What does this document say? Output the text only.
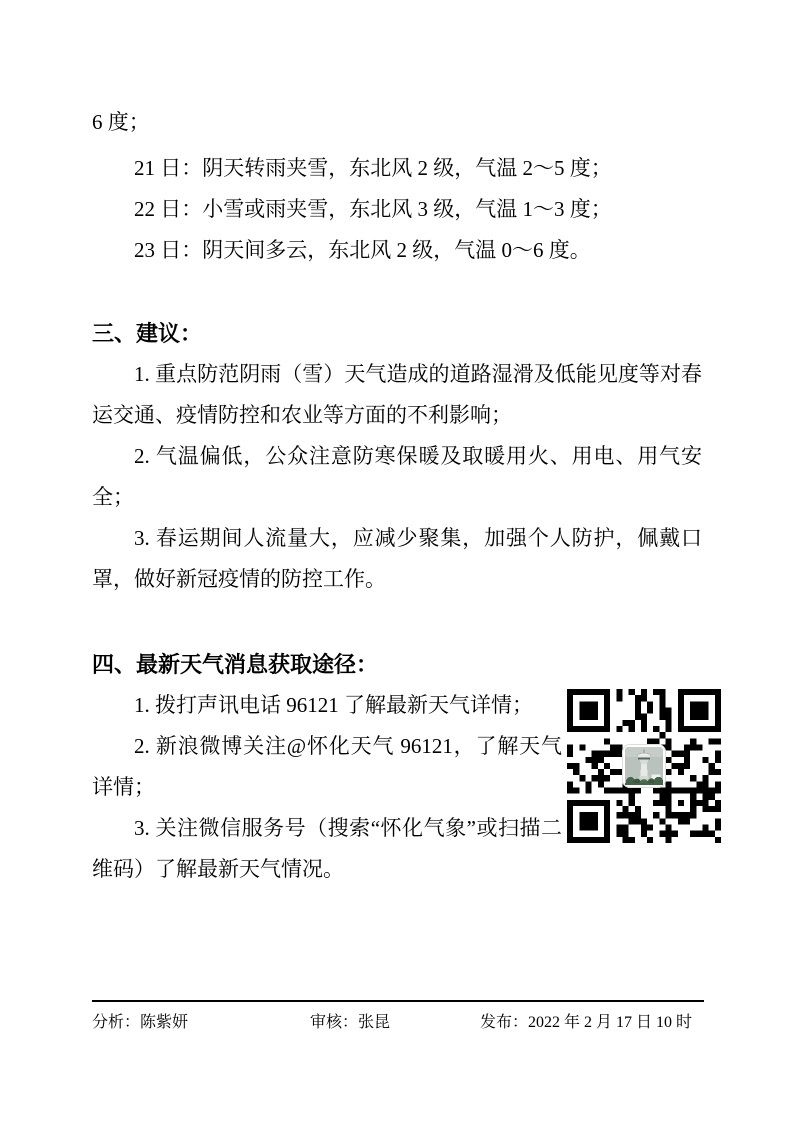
6 度；

21 日：阴天转雨夹雪，东北风 2 级，气温 2～5 度；

22 日：小雪或雨夹雪，东北风 3 级，气温 1～3 度；

23 日：阴天间多云，东北风 2 级，气温 0～6 度。

三、建议：

1. 重点防范阴雨（雪）天气造成的道路湿滑及低能见度等对春运交通、疫情防控和农业等方面的不利影响；

2. 气温偏低，公众注意防寒保暖及取暖用火、用电、用气安全；

3. 春运期间人流量大，应减少聚集，加强个人防护，佩戴口罩，做好新冠疫情的防控工作。

四、最新天气消息获取途径：

1. 拨打声讯电话 96121 了解最新天气详情；

2. 新浪微博关注@怀化天气 96121，了解天气详情；

3. 关注微信服务号（搜索“怀化气象”或扫描二维码）了解最新天气情况。

分析：陈紫妍	审核：张昆	发布：2022 年 2 月 17 日 10 时
